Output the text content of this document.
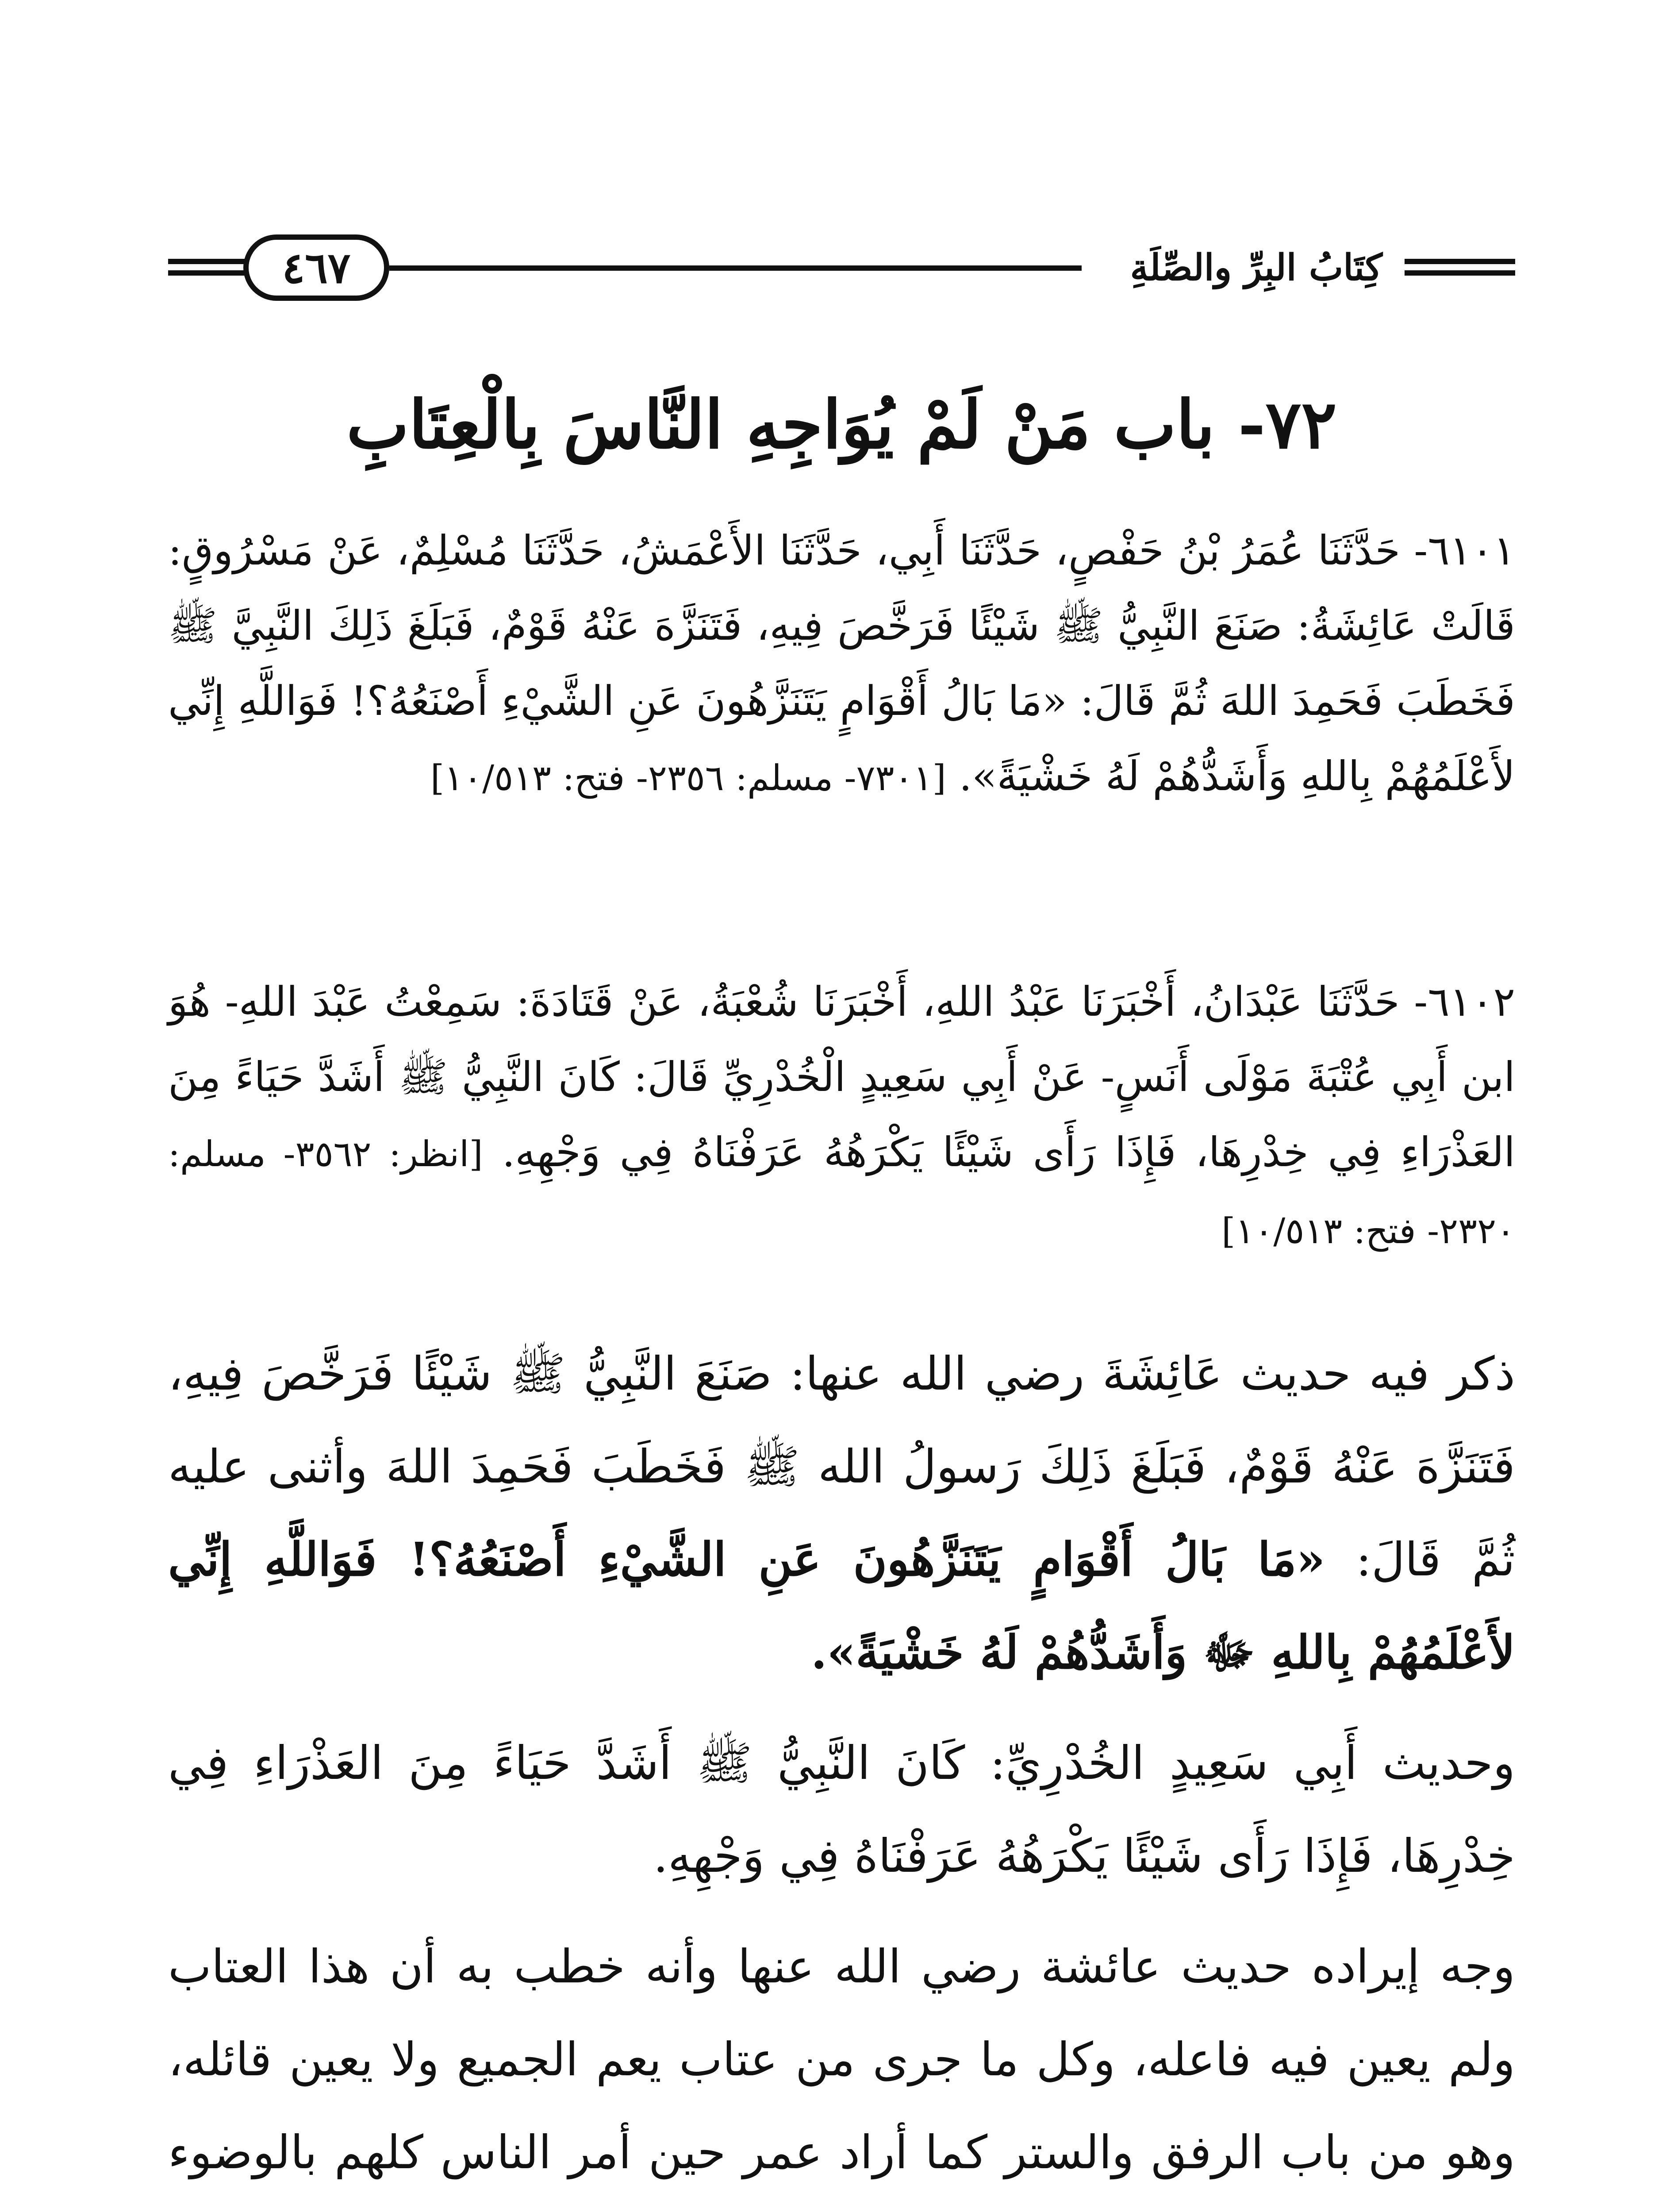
كِتَابُ البِرِّ والصِّلَةِ
٤٦٧
٧٢- باب مَنْ لَمْ يُوَاجِهِ النَّاسَ بِالْعِتَابِ

٦١٠١- حَدَّثَنَا عُمَرُ بْنُ حَفْصٍ، حَدَّثَنَا أَبِي، حَدَّثَنَا الأَعْمَشُ، حَدَّثَنَا مُسْلِمٌ، عَنْ مَسْرُوقٍ: قَالَتْ عَائِشَةُ: صَنَعَ النَّبِيُّ ﷺ شَيْئًا فَرَخَّصَ فِيهِ، فَتَنَزَّهَ عَنْهُ قَوْمٌ، فَبَلَغَ ذَلِكَ النَّبِيَّ ﷺ فَخَطَبَ فَحَمِدَ اللهَ ثُمَّ قَالَ: «مَا بَالُ أَقْوَامٍ يَتَنَزَّهُونَ عَنِ الشَّيْءِ أَصْنَعُهُ؟! فَوَاللَّهِ إِنِّي لأَعْلَمُهُمْ بِاللهِ وَأَشَدُّهُمْ لَهُ خَشْيَةً». [٧٣٠١- مسلم: ٢٣٥٦- فتح: ١٠/٥١٣]

٦١٠٢- حَدَّثَنَا عَبْدَانُ، أَخْبَرَنَا عَبْدُ اللهِ، أَخْبَرَنَا شُعْبَةُ، عَنْ قَتَادَةَ: سَمِعْتُ عَبْدَ اللهِ- هُوَ ابن أَبِي عُتْبَةَ مَوْلَى أَنَسٍ- عَنْ أَبِي سَعِيدٍ الْخُدْرِيِّ قَالَ: كَانَ النَّبِيُّ ﷺ أَشَدَّ حَيَاءً مِنَ العَذْرَاءِ فِي خِدْرِهَا، فَإِذَا رَأَى شَيْئًا يَكْرَهُهُ عَرَفْنَاهُ فِي وَجْهِهِ. [انظر: ٣٥٦٢- مسلم: ٢٣٢٠- فتح: ١٠/٥١٣]

ذكر فيه حديث عَائِشَةَ رضي الله عنها: صَنَعَ النَّبِيُّ ﷺ شَيْئًا فَرَخَّصَ فِيهِ، فَتَنَزَّهَ عَنْهُ قَوْمٌ، فَبَلَغَ ذَلِكَ رَسولُ الله ﷺ فَخَطَبَ فَحَمِدَ اللهَ وأثنى عليه ثُمَّ قَالَ: «مَا بَالُ أَقْوَامٍ يَتَنَزَّهُونَ عَنِ الشَّيْءِ أَصْنَعُهُ؟! فَوَاللَّهِ إِنِّي لأَعْلَمُهُمْ بِاللهِ ﷻ وَأَشَدُّهُمْ لَهُ خَشْيَةً».

وحديث أَبِي سَعِيدٍ الخُدْرِيِّ: كَانَ النَّبِيُّ ﷺ أَشَدَّ حَيَاءً مِنَ العَذْرَاءِ فِي خِدْرِهَا، فَإِذَا رَأَى شَيْئًا يَكْرَهُهُ عَرَفْنَاهُ فِي وَجْهِهِ.

وجه إيراده حديث عائشة رضي الله عنها وأنه خطب به أن هذا العتاب ولم يعين فيه فاعله، وكل ما جرى من عتاب يعم الجميع ولا يعين قائله، وهو من باب الرفق والستر كما أراد عمر حين أمر الناس كلهم بالوضوء
